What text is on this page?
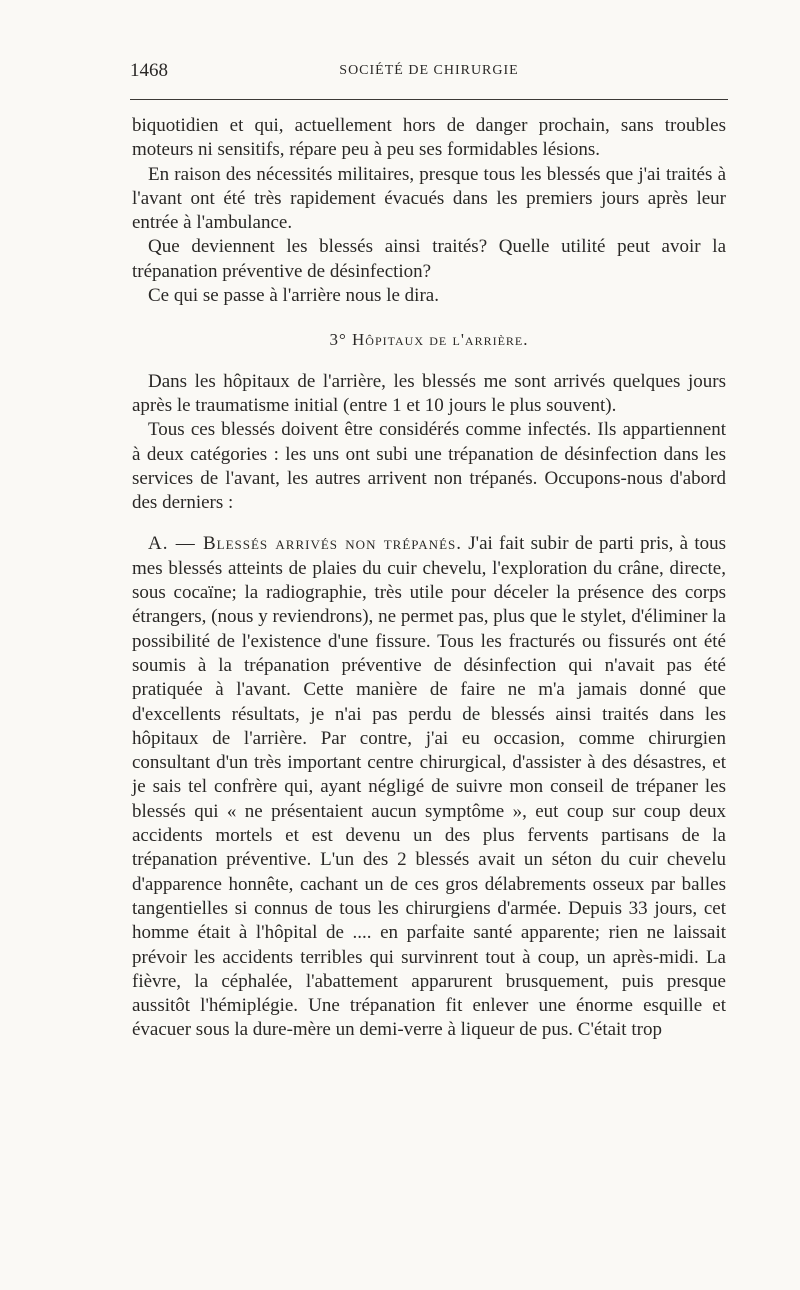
1468	SOCIÉTÉ DE CHIRURGIE

biquotidien et qui, actuellement hors de danger prochain, sans troubles moteurs ni sensitifs, répare peu à peu ses formidables lésions.

En raison des nécessités militaires, presque tous les blessés que j'ai traités à l'avant ont été très rapidement évacués dans les premiers jours après leur entrée à l'ambulance.

Que deviennent les blessés ainsi traités? Quelle utilité peut avoir la trépanation préventive de désinfection?

Ce qui se passe à l'arrière nous le dira.

3° Hôpitaux de l'arrière.

Dans les hôpitaux de l'arrière, les blessés me sont arrivés quelques jours après le traumatisme initial (entre 1 et 10 jours le plus souvent).

Tous ces blessés doivent être considérés comme infectés. Ils appartiennent à deux catégories : les uns ont subi une trépanation de désinfection dans les services de l'avant, les autres arrivent non trépanés. Occupons-nous d'abord des derniers :

A. — Blessés arrivés non trépanés. J'ai fait subir de parti pris, à tous mes blessés atteints de plaies du cuir chevelu, l'exploration du crâne, directe, sous cocaïne; la radiographie, très utile pour déceler la présence des corps étrangers, (nous y reviendrons), ne permet pas, plus que le stylet, d'éliminer la possibilité de l'existence d'une fissure. Tous les fracturés ou fissurés ont été soumis à la trépanation préventive de désinfection qui n'avait pas été pratiquée à l'avant. Cette manière de faire ne m'a jamais donné que d'excellents résultats, je n'ai pas perdu de blessés ainsi traités dans les hôpitaux de l'arrière. Par contre, j'ai eu occasion, comme chirurgien consultant d'un très important centre chirurgical, d'assister à des désastres, et je sais tel confrère qui, ayant négligé de suivre mon conseil de trépaner les blessés qui « ne présentaient aucun symptôme », eut coup sur coup deux accidents mortels et est devenu un des plus fervents partisans de la trépanation préventive. L'un des 2 blessés avait un séton du cuir chevelu d'apparence honnête, cachant un de ces gros délabrements osseux par balles tangentielles si connus de tous les chirurgiens d'armée. Depuis 33 jours, cet homme était à l'hôpital de .... en parfaite santé apparente; rien ne laissait prévoir les accidents terribles qui survinrent tout à coup, un après-midi. La fièvre, la céphalée, l'abattement apparurent brusquement, puis presque aussitôt l'hémiplégie. Une trépanation fit enlever une énorme esquille et évacuer sous la dure-mère un demi-verre à liqueur de pus. C'était trop
